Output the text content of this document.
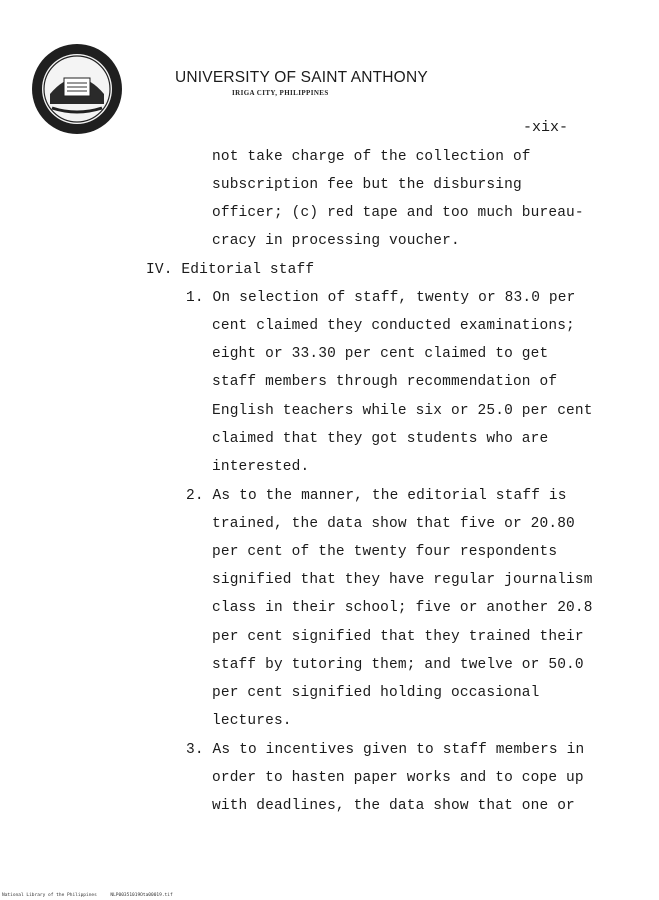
UNIVERSITY OF SAINT ANTHONY
IRIGA CITY, PHILIPPINES
-xix-
not take charge of the collection of
subscription fee but the disbursing
officer; (c) red tape and too much bureau-
cracy in processing voucher.
IV. Editorial staff
1. On selection of staff, twenty or 83.0 per
cent claimed they conducted examinations;
eight or 33.30 per cent claimed to get
staff members through recommendation of
English teachers while six or 25.0 per cent
claimed that they got students who are
interested.
2. As to the manner, the editorial staff is
trained, the data show that five or 20.80
per cent of the twenty four respondents
signified that they have regular journalism
class in their school; five or another 20.8
per cent signified that they trained their
staff by tutoring them; and twelve or 50.0
per cent signified holding occasional
lectures.
3. As to incentives given to staff members in
order to hasten paper works and to cope up
with deadlines, the data show that one or
National Library of the Philippines     NLP00351019Ota00019.tif
